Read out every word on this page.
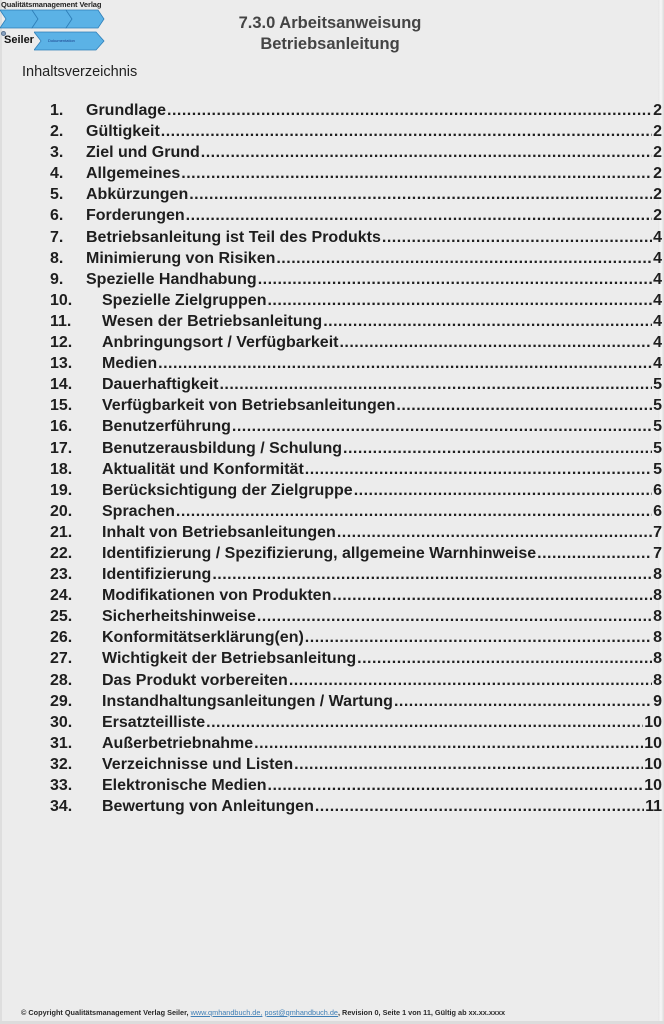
Qualitätsmanagement Verlag
Seiler	Dokumentation
7.3.0 Arbeitsanweisung
Betriebsanleitung
Inhaltsverzeichnis
1.	Grundlage .....	2
2.	Gültigkeit .....	2
3.	Ziel und Grund .....	2
4.	Allgemeines .....	2
5.	Abkürzungen .....	2
6.	Forderungen .....	2
7.	Betriebsanleitung ist Teil des Produkts .....	4
8.	Minimierung von Risiken .....	4
9.	Spezielle Handhabung .....	4
10.	Spezielle Zielgruppen .....	4
11.	Wesen der Betriebsanleitung .....	4
12.	Anbringungsort / Verfügbarkeit .....	4
13.	Medien .....	4
14.	Dauerhaftigkeit .....	5
15.	Verfügbarkeit von Betriebsanleitungen .....	5
16.	Benutzerführung .....	5
17.	Benutzerausbildung / Schulung .....	5
18.	Aktualität und Konformität .....	5
19.	Berücksichtigung der Zielgruppe .....	6
20.	Sprachen .....	6
21.	Inhalt von Betriebsanleitungen .....	7
22.	Identifizierung / Spezifizierung, allgemeine Warnhinweise .....	7
23.	Identifizierung .....	8
24.	Modifikationen von Produkten .....	8
25.	Sicherheitshinweise .....	8
26.	Konformitätserklärung(en) .....	8
27.	Wichtigkeit der Betriebsanleitung .....	8
28.	Das Produkt vorbereiten .....	8
29.	Instandhaltungsanleitungen / Wartung .....	9
30.	Ersatzteilliste .....	10
31.	Außerbetriebnahme .....	10
32.	Verzeichnisse und Listen .....	10
33.	Elektronische Medien .....	10
34.	Bewertung von Anleitungen .....	11
© Copyright Qualitätsmanagement Verlag Seiler, www.qmhandbuch.de, post@qmhandbuch.de, Revision 0, Seite 1 von 11, Gültig ab xx.xx.xxxx
